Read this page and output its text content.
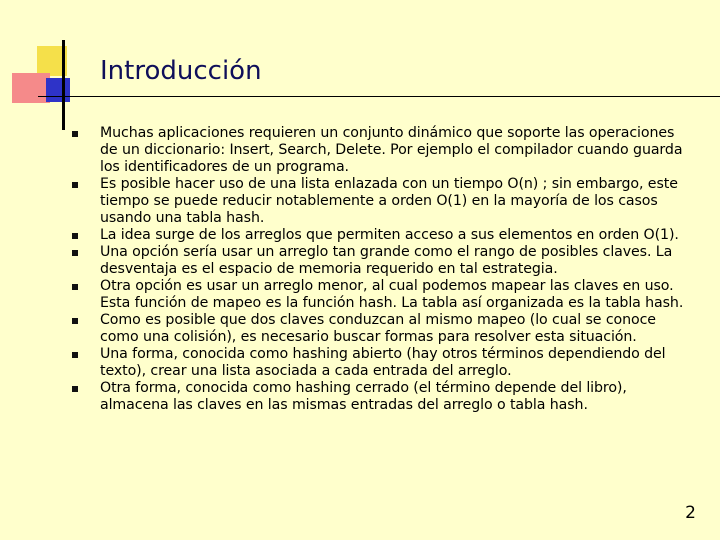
Introducción

Muchas aplicaciones requieren un conjunto dinámico que soporte las operaciones de un diccionario: Insert, Search, Delete. Por ejemplo el compilador cuando guarda los identificadores de un programa.

Es posible hacer uso de una lista enlazada con un tiempo O(n) ; sin embargo, este tiempo se puede reducir notablemente a orden O(1) en la mayoría de los casos usando una tabla hash.

La idea surge de los arreglos que permiten acceso a sus elementos en orden O(1).

Una opción sería usar un arreglo tan grande como el rango de posibles claves. La desventaja es el espacio de memoria requerido en tal estrategia.

Otra opción es usar un arreglo menor, al cual podemos mapear las claves en uso. Esta función de mapeo es la función hash. La tabla así organizada es la tabla hash.

Como es posible que dos claves conduzcan al mismo mapeo (lo cual se conoce como una colisión), es necesario buscar formas para resolver esta situación.

Una forma, conocida como hashing abierto (hay otros términos dependiendo del texto), crear una lista asociada a cada entrada del arreglo.

Otra forma, conocida como hashing cerrado (el término depende del libro), almacena las claves en las mismas entradas del arreglo o tabla hash.

2
